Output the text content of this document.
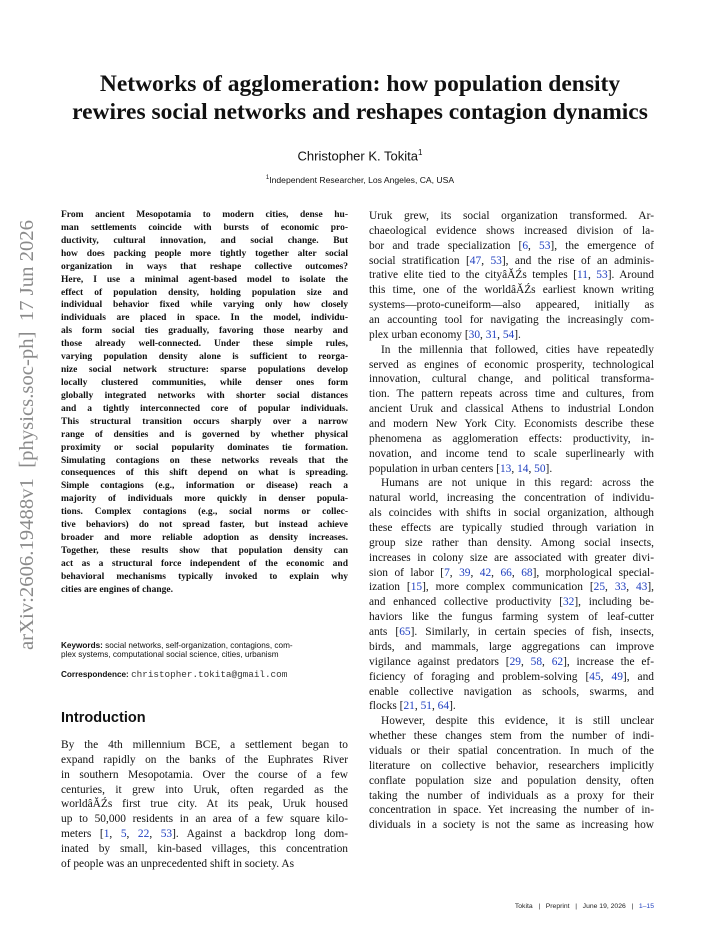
arXiv:2606.19488v1  [physics.soc-ph]  17 Jun 2026
Networks of agglomeration: how population density
rewires social networks and reshapes contagion dynamics
Christopher K. Tokita$^1$
$^1$Independent Researcher, Los Angeles, CA, USA
From ancient Mesopotamia to modern cities, dense hu-
man settlements coincide with bursts of economic pro-
ductivity, cultural innovation, and social change. But
how does packing people more tightly together alter social
organization in ways that reshape collective outcomes?
Here, I use a minimal agent-based model to isolate the
effect of population density, holding population size and
individual behavior fixed while varying only how closely
individuals are placed in space. In the model, individu-
als form social ties gradually, favoring those nearby and
those already well-connected. Under these simple rules,
varying population density alone is sufficient to reorga-
nize social network structure: sparse populations develop
locally clustered communities, while denser ones form
globally integrated networks with shorter social distances
and a tightly interconnected core of popular individuals.
This structural transition occurs sharply over a narrow
range of densities and is governed by whether physical
proximity or social popularity dominates tie formation.
Simulating contagions on these networks reveals that the
consequences of this shift depend on what is spreading.
Simple contagions (e.g., information or disease) reach a
majority of individuals more quickly in denser popula-
tions. Complex contagions (e.g., social norms or collec-
tive behaviors) do not spread faster, but instead achieve
broader and more reliable adoption as density increases.
Together, these results show that population density can
act as a structural force independent of the economic and
behavioral mechanisms typically invoked to explain why
cities are engines of change.
Keywords: social networks, self-organization, contagions, com-
plex systems, computational social science, cities, urbanism
Correspondence: christopher.tokita@gmail.com
Introduction
By the 4th millennium BCE, a settlement began to
expand rapidly on the banks of the Euphrates River
in southern Mesopotamia. Over the course of a few
centuries, it grew into Uruk, often regarded as the
worldâĂŹs first true city. At its peak, Uruk housed
up to 50,000 residents in an area of a few square kilo-
meters [1, 5, 22, 53]. Against a backdrop long dom-
inated by small, kin-based villages, this concentration
of people was an unprecedented shift in society. As
Uruk grew, its social organization transformed. Ar-
chaeological evidence shows increased division of la-
bor and trade specialization [6, 53], the emergence of
social stratification [47, 53], and the rise of an adminis-
trative elite tied to the cityâĂŹs temples [11, 53]. Around
this time, one of the worldâĂŹs earliest known writing
systems—proto-cuneiform—also appeared, initially as
an accounting tool for navigating the increasingly com-
plex urban economy [30, 31, 54].
In the millennia that followed, cities have repeatedly
served as engines of economic prosperity, technological
innovation, cultural change, and political transforma-
tion. The pattern repeats across time and cultures, from
ancient Uruk and classical Athens to industrial London
and modern New York City. Economists describe these
phenomena as agglomeration effects: productivity, in-
novation, and income tend to scale superlinearly with
population in urban centers [13, 14, 50].
Humans are not unique in this regard: across the
natural world, increasing the concentration of individu-
als coincides with shifts in social organization, although
these effects are typically studied through variation in
group size rather than density. Among social insects,
increases in colony size are associated with greater divi-
sion of labor [7, 39, 42, 66, 68], morphological special-
ization [15], more complex communication [25, 33, 43],
and enhanced collective productivity [32], including be-
haviors like the fungus farming system of leaf-cutter
ants [65]. Similarly, in certain species of fish, insects,
birds, and mammals, large aggregations can improve
vigilance against predators [29, 58, 62], increase the ef-
ficiency of foraging and problem-solving [45, 49], and
enable collective navigation as schools, swarms, and
flocks [21, 51, 64].
However, despite this evidence, it is still unclear
whether these changes stem from the number of indi-
viduals or their spatial concentration. In much of the
literature on collective behavior, researchers implicitly
conflate population size and population density, often
taking the number of individuals as a proxy for their
concentration in space. Yet increasing the number of in-
dividuals in a society is not the same as increasing how
Tokita | Preprint | June 19, 2026 | 1–15
